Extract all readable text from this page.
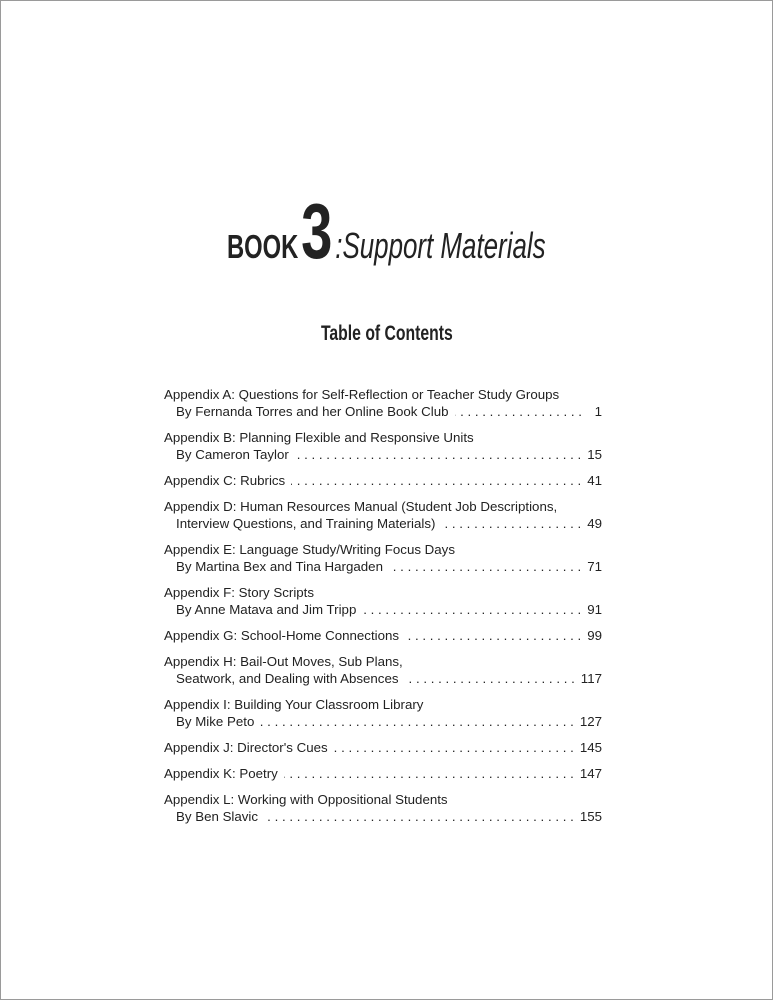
BOOK3:Support Materials
Table of Contents
Appendix A: Questions for Self-Reflection or Teacher Study Groups
By Fernanda Torres and her Online Book Club . . .	1
Appendix B: Planning Flexible and Responsive Units
By Cameron Taylor . . .	15
Appendix C: Rubrics . . .	41
Appendix D: Human Resources Manual (Student Job Descriptions,
Interview Questions, and Training Materials) . . .	49
Appendix E: Language Study/Writing Focus Days
By Martina Bex and Tina Hargaden . . .	71
Appendix F: Story Scripts
By Anne Matava and Jim Tripp . . .	91
Appendix G: School-Home Connections . . .	99
Appendix H: Bail-Out Moves, Sub Plans,
Seatwork, and Dealing with Absences . . .	117
Appendix I: Building Your Classroom Library
By Mike Peto . . .	127
Appendix J: Director's Cues . . .	145
Appendix K: Poetry . . .	147
Appendix L: Working with Oppositional Students
By Ben Slavic . . .	155
